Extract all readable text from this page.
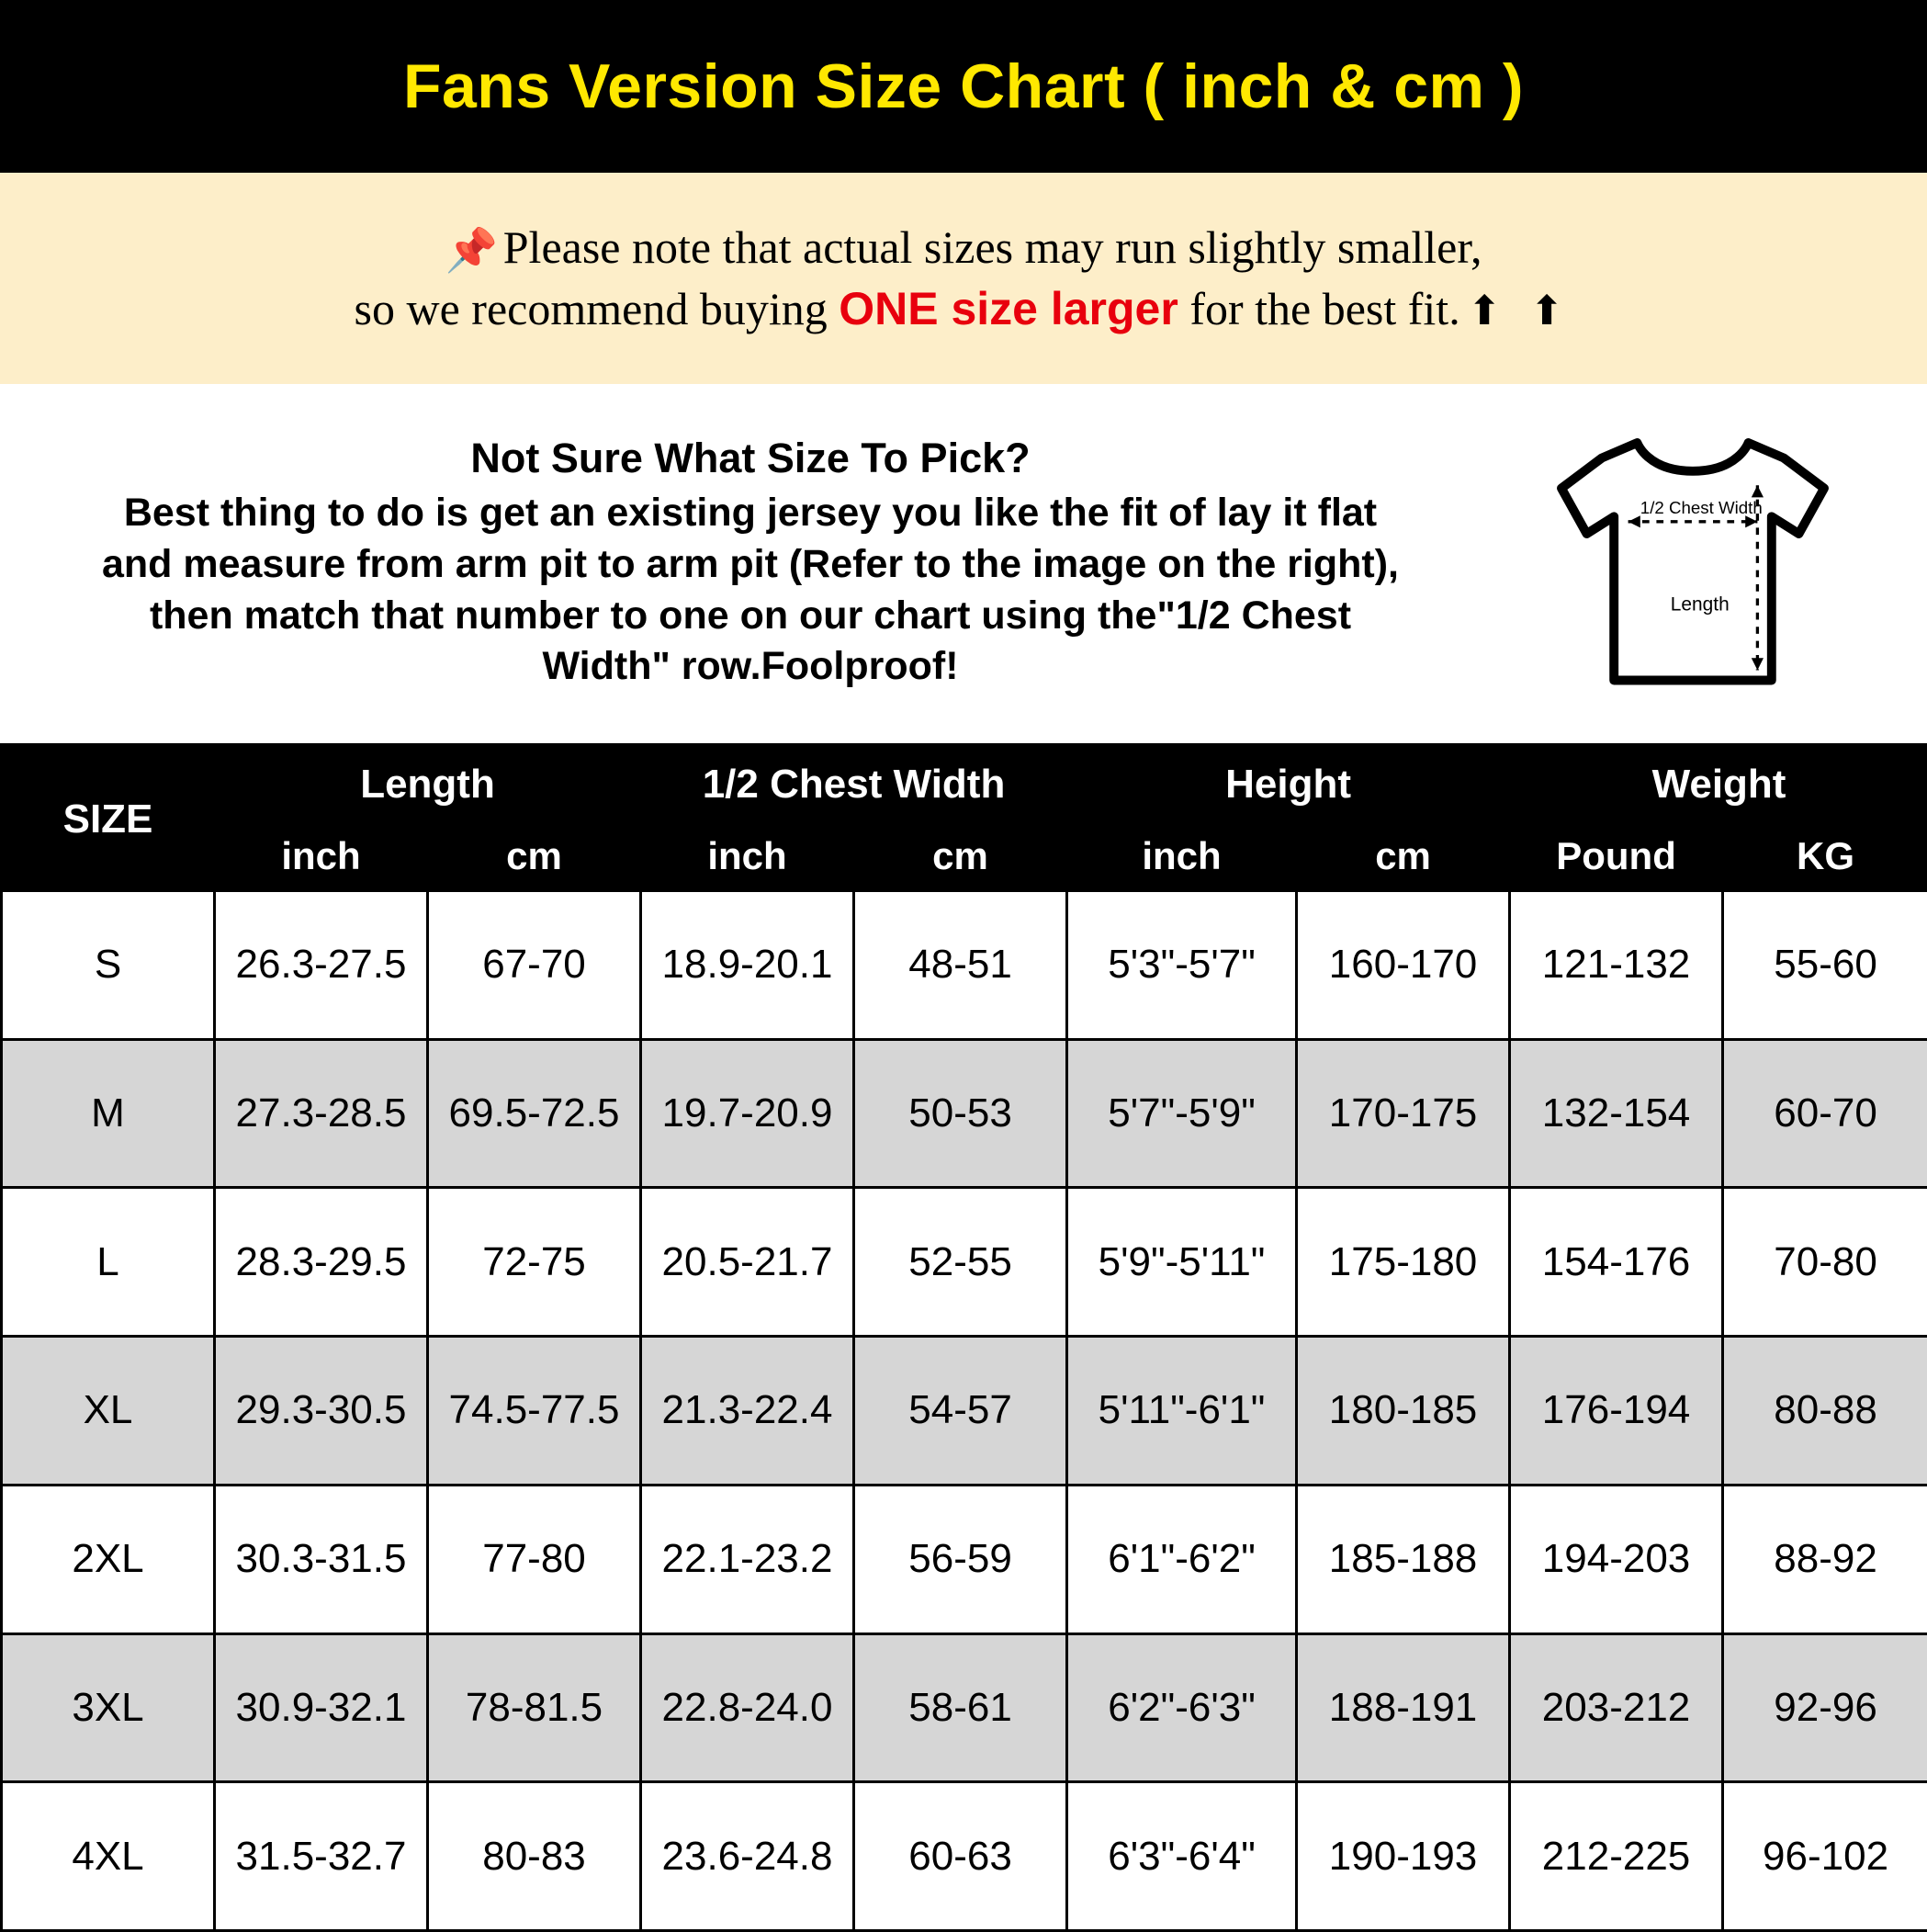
Fans Version Size Chart ( inch & cm )
📌 Please note that actual sizes may run slightly smaller,
so we recommend buying ONE size larger for the best fit. ⬆ ⬆
Not Sure What Size To Pick?
Best thing to do is get an existing jersey you like the fit of lay it flat
and measure from arm pit to arm pit (Refer to the image on the right),
then match that number to one on our chart using the"1/2 Chest
Width" row.Foolproof!
1/2 Chest Width
Length
SIZE	Length		1/2 Chest Width		Height		Weight	
	inch	cm	inch	cm	inch	cm	Pound	KG
S	26.3-27.5	67-70	18.9-20.1	48-51	5'3"-5'7"	160-170	121-132	55-60
M	27.3-28.5	69.5-72.5	19.7-20.9	50-53	5'7"-5'9"	170-175	132-154	60-70
L	28.3-29.5	72-75	20.5-21.7	52-55	5'9"-5'11"	175-180	154-176	70-80
XL	29.3-30.5	74.5-77.5	21.3-22.4	54-57	5'11"-6'1"	180-185	176-194	80-88
2XL	30.3-31.5	77-80	22.1-23.2	56-59	6'1"-6'2"	185-188	194-203	88-92
3XL	30.9-32.1	78-81.5	22.8-24.0	58-61	6'2"-6'3"	188-191	203-212	92-96
4XL	31.5-32.7	80-83	23.6-24.8	60-63	6'3"-6'4"	190-193	212-225	96-102
